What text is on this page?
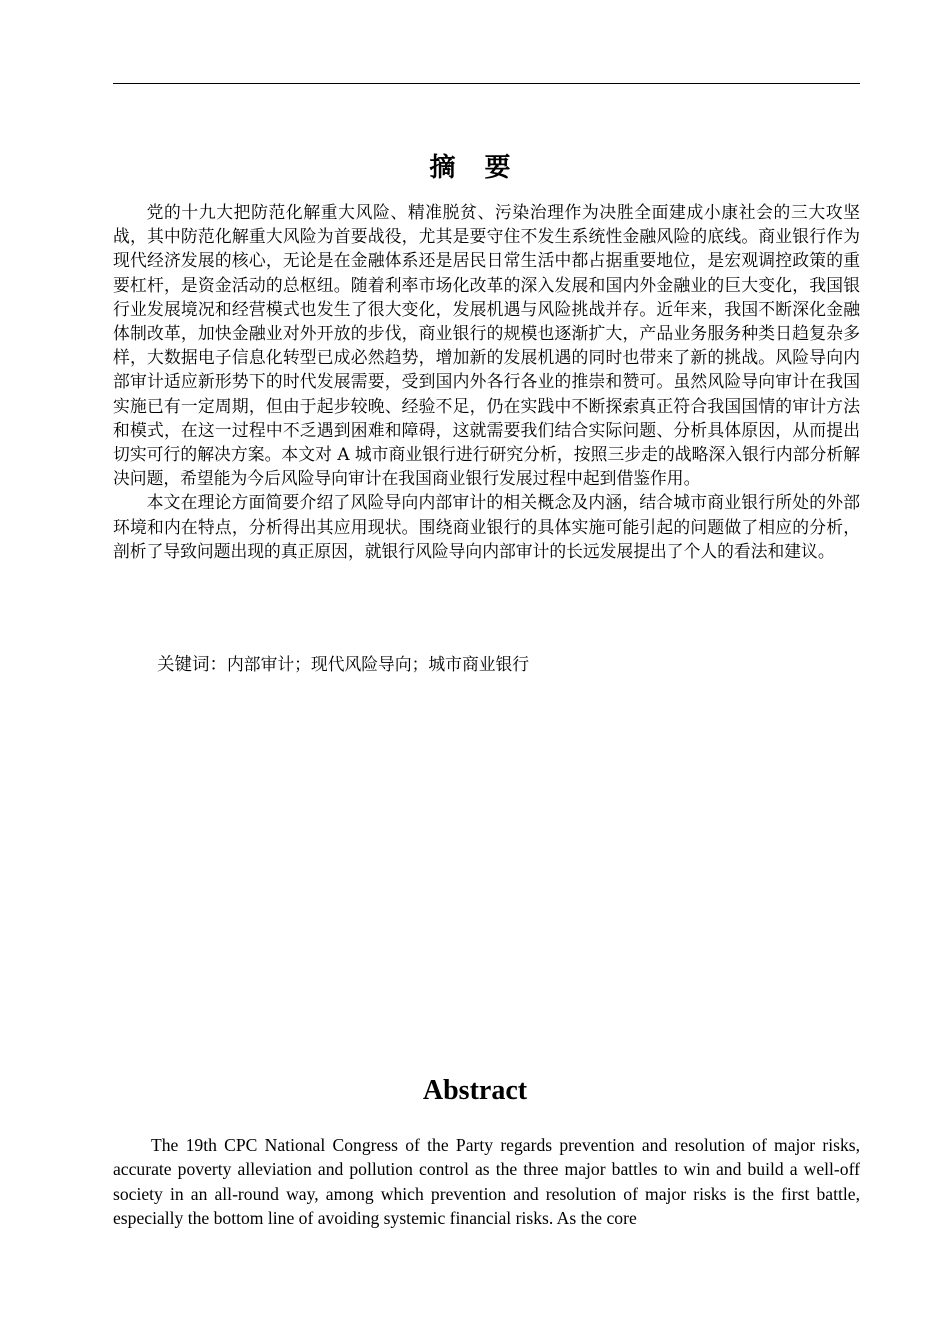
摘 要

党的十九大把防范化解重大风险、精准脱贫、污染治理作为决胜全面建成小康社会的三大攻坚战，其中防范化解重大风险为首要战役，尤其是要守住不发生系统性金融风险的底线。商业银行作为现代经济发展的核心，无论是在金融体系还是居民日常生活中都占据重要地位，是宏观调控政策的重要杠杆，是资金活动的总枢纽。随着利率市场化改革的深入发展和国内外金融业的巨大变化，我国银行业发展境况和经营模式也发生了很大变化，发展机遇与风险挑战并存。近年来，我国不断深化金融体制改革，加快金融业对外开放的步伐，商业银行的规模也逐渐扩大，产品业务服务种类日趋复杂多样，大数据电子信息化转型已成必然趋势，增加新的发展机遇的同时也带来了新的挑战。风险导向内部审计适应新形势下的时代发展需要，受到国内外各行各业的推崇和赞可。虽然风险导向审计在我国实施已有一定周期，但由于起步较晚、经验不足，仍在实践中不断探索真正符合我国国情的审计方法和模式，在这一过程中不乏遇到困难和障碍，这就需要我们结合实际问题、分析具体原因，从而提出切实可行的解决方案。本文对 A 城市商业银行进行研究分析，按照三步走的战略深入银行内部分析解决问题，希望能为今后风险导向审计在我国商业银行发展过程中起到借鉴作用。

本文在理论方面简要介绍了风险导向内部审计的相关概念及内涵，结合城市商业银行所处的外部环境和内在特点，分析得出其应用现状。围绕商业银行的具体实施可能引起的问题做了相应的分析，剖析了导致问题出现的真正原因，就银行风险导向内部审计的长远发展提出了个人的看法和建议。

关键词：内部审计；现代风险导向；城市商业银行
Abstract

The 19th CPC National Congress of the Party regards prevention and resolution of major risks, accurate poverty alleviation and pollution control as the three major battles to win and build a well-off society in an all-round way, among which prevention and resolution of major risks is the first battle, especially the bottom line of avoiding systemic financial risks. As the core
